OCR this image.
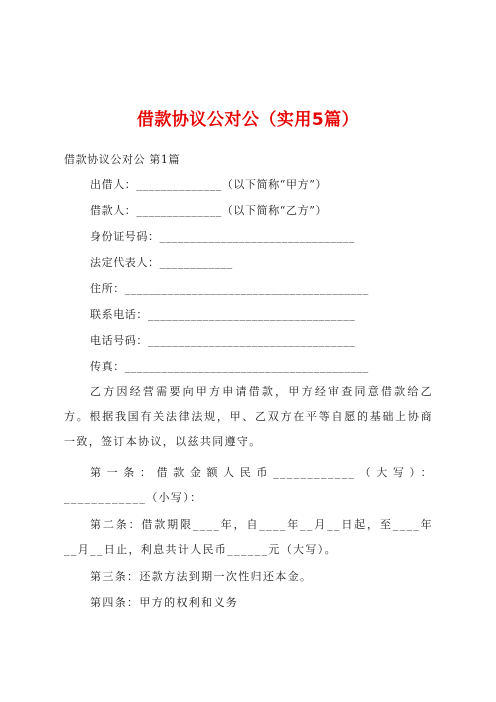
借款协议公对公（实用5篇）
借款协议公对公 第1篇
出借人：______________（以下简称“甲方”）
借款人：______________（以下简称“乙方”）
身份证号码：________________________________
法定代表人：____________
住所：________________________________________
联系电话：__________________________________
电话号码：__________________________________
传真：________________________________________
乙方因经营需要向甲方申请借款，甲方经审查同意借款给乙方。根据我国有关法律法规，甲、乙双方在平等自愿的基础上协商一致，签订本协议，以兹共同遵守。
第一条：借款金额人民币____________（大写）：____________（小写）：
第二条：借款期限____年，自____年__月__日起，至____年__月__日止，利息共计人民币______元（大写）。
第三条：还款方法到期一次性归还本金。
第四条：甲方的权利和义务
